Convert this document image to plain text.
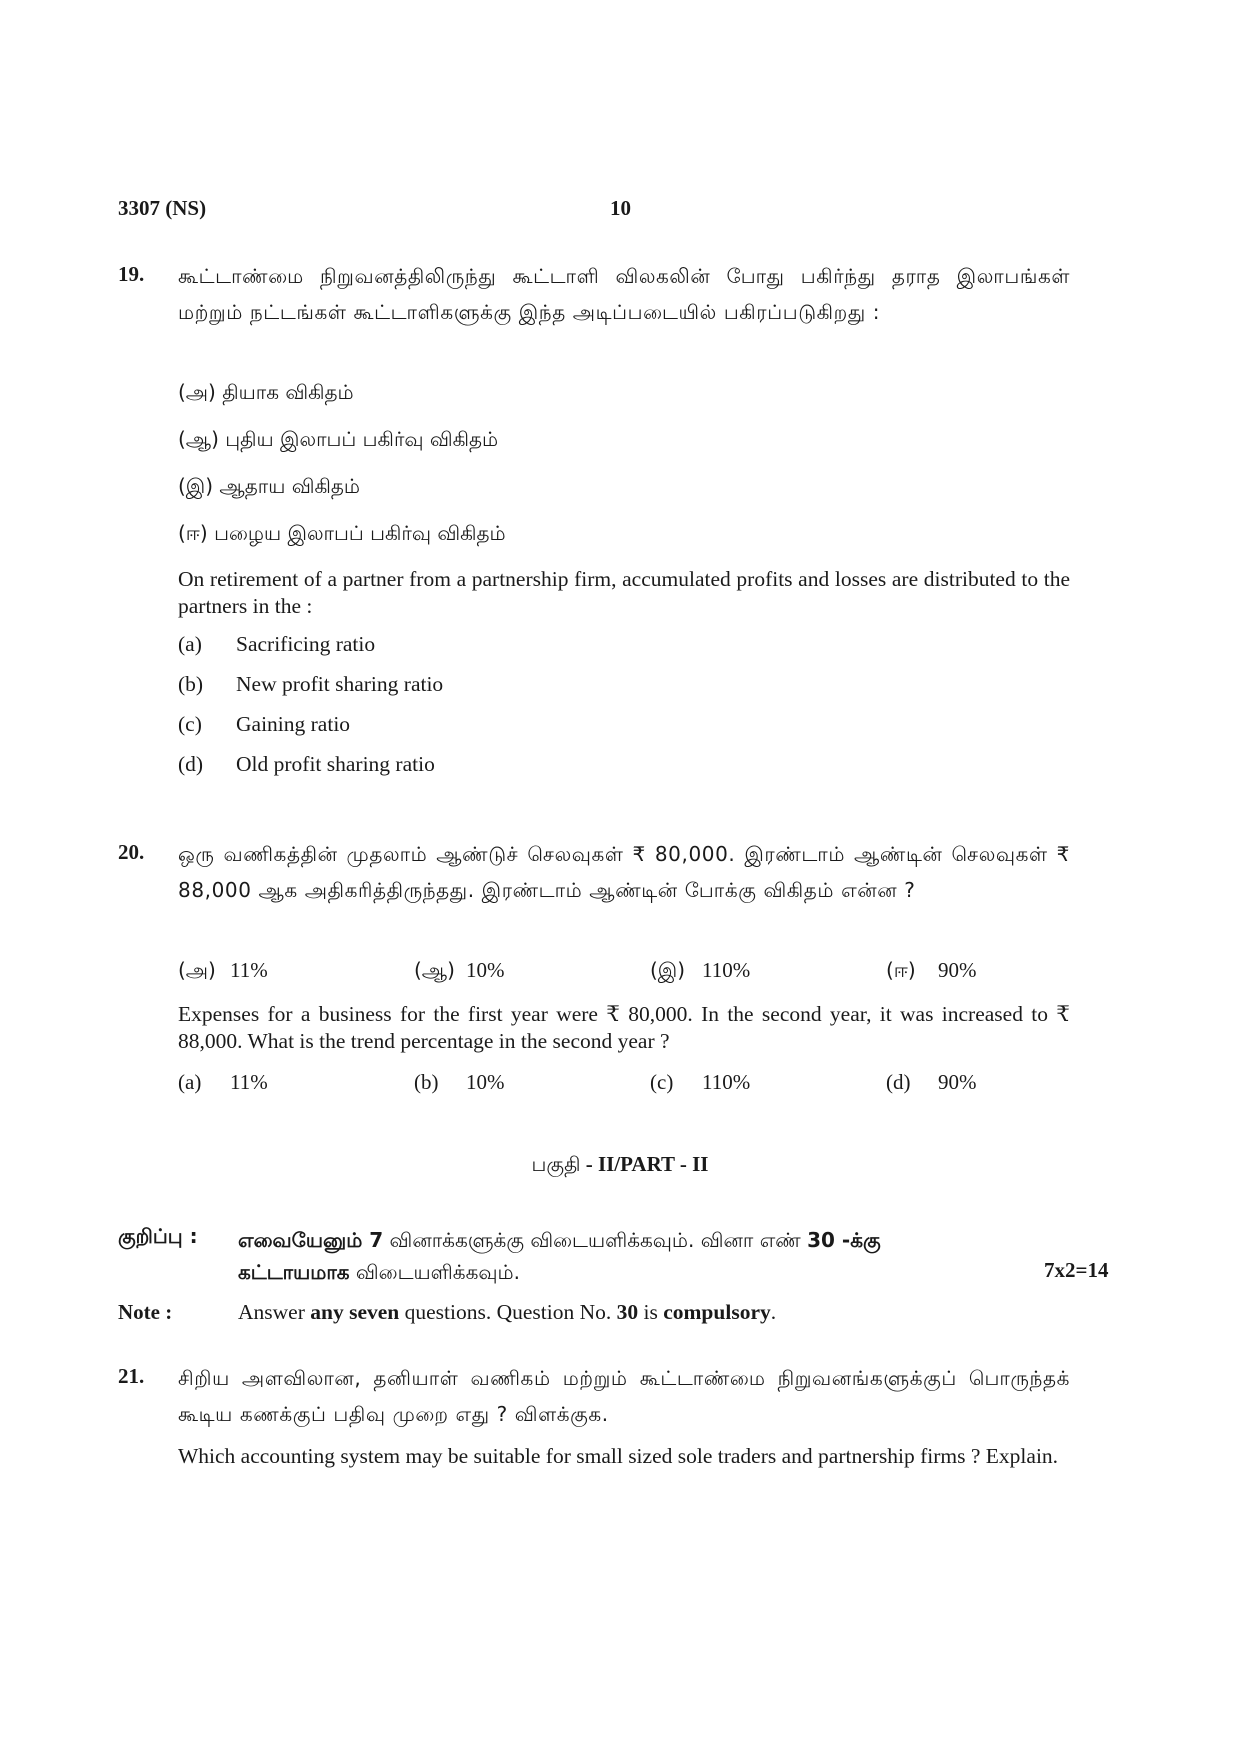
3307 (NS)	10
19. கூட்டாண்மை நிறுவனத்திலிருந்து கூட்டாளி விலகலின் போது பகிர்ந்து தராத இலாபங்கள் மற்றும் நட்டங்கள் கூட்டாளிகளுக்கு இந்த அடிப்படையில் பகிரப்படுகிறது :
(அ) தியாக விகிதம்
(ஆ) புதிய இலாபப் பகிர்வு விகிதம்
(இ) ஆதாய விகிதம்
(ஈ) பழைய இலாபப் பகிர்வு விகிதம்
On retirement of a partner from a partnership firm, accumulated profits and losses are distributed to the partners in the :
(a)	Sacrificing ratio
(b)	New profit sharing ratio
(c)	Gaining ratio
(d)	Old profit sharing ratio
20. ஒரு வணிகத்தின் முதலாம் ஆண்டுச் செலவுகள் ₹ 80,000. இரண்டாம் ஆண்டின் செலவுகள் ₹ 88,000 ஆக அதிகரித்திருந்தது. இரண்டாம் ஆண்டின் போக்கு விகிதம் என்ன ?
(அ) 11%	(ஆ) 10%	(இ) 110%	(ஈ)	90%
Expenses for a business for the first year were ₹ 80,000. In the second year, it was increased to ₹ 88,000. What is the trend percentage in the second year ?
(a)	11%	(b)	10%	(c)	110%	(d)	90%
பகுதி - II/PART - II
குறிப்பு : எவையேனும் 7 வினாக்களுக்கு விடையளிக்கவும். வினா எண் 30 -க்கு
கட்டாயமாக விடையளிக்கவும்.	7x2=14
Note :	Answer any seven questions. Question No. 30 is compulsory.
21. சிறிய அளவிலான, தனியாள் வணிகம் மற்றும் கூட்டாண்மை நிறுவனங்களுக்குப் பொருந்தக் கூடிய கணக்குப் பதிவு முறை எது ? விளக்குக.
Which accounting system may be suitable for small sized sole traders and partnership firms ? Explain.
